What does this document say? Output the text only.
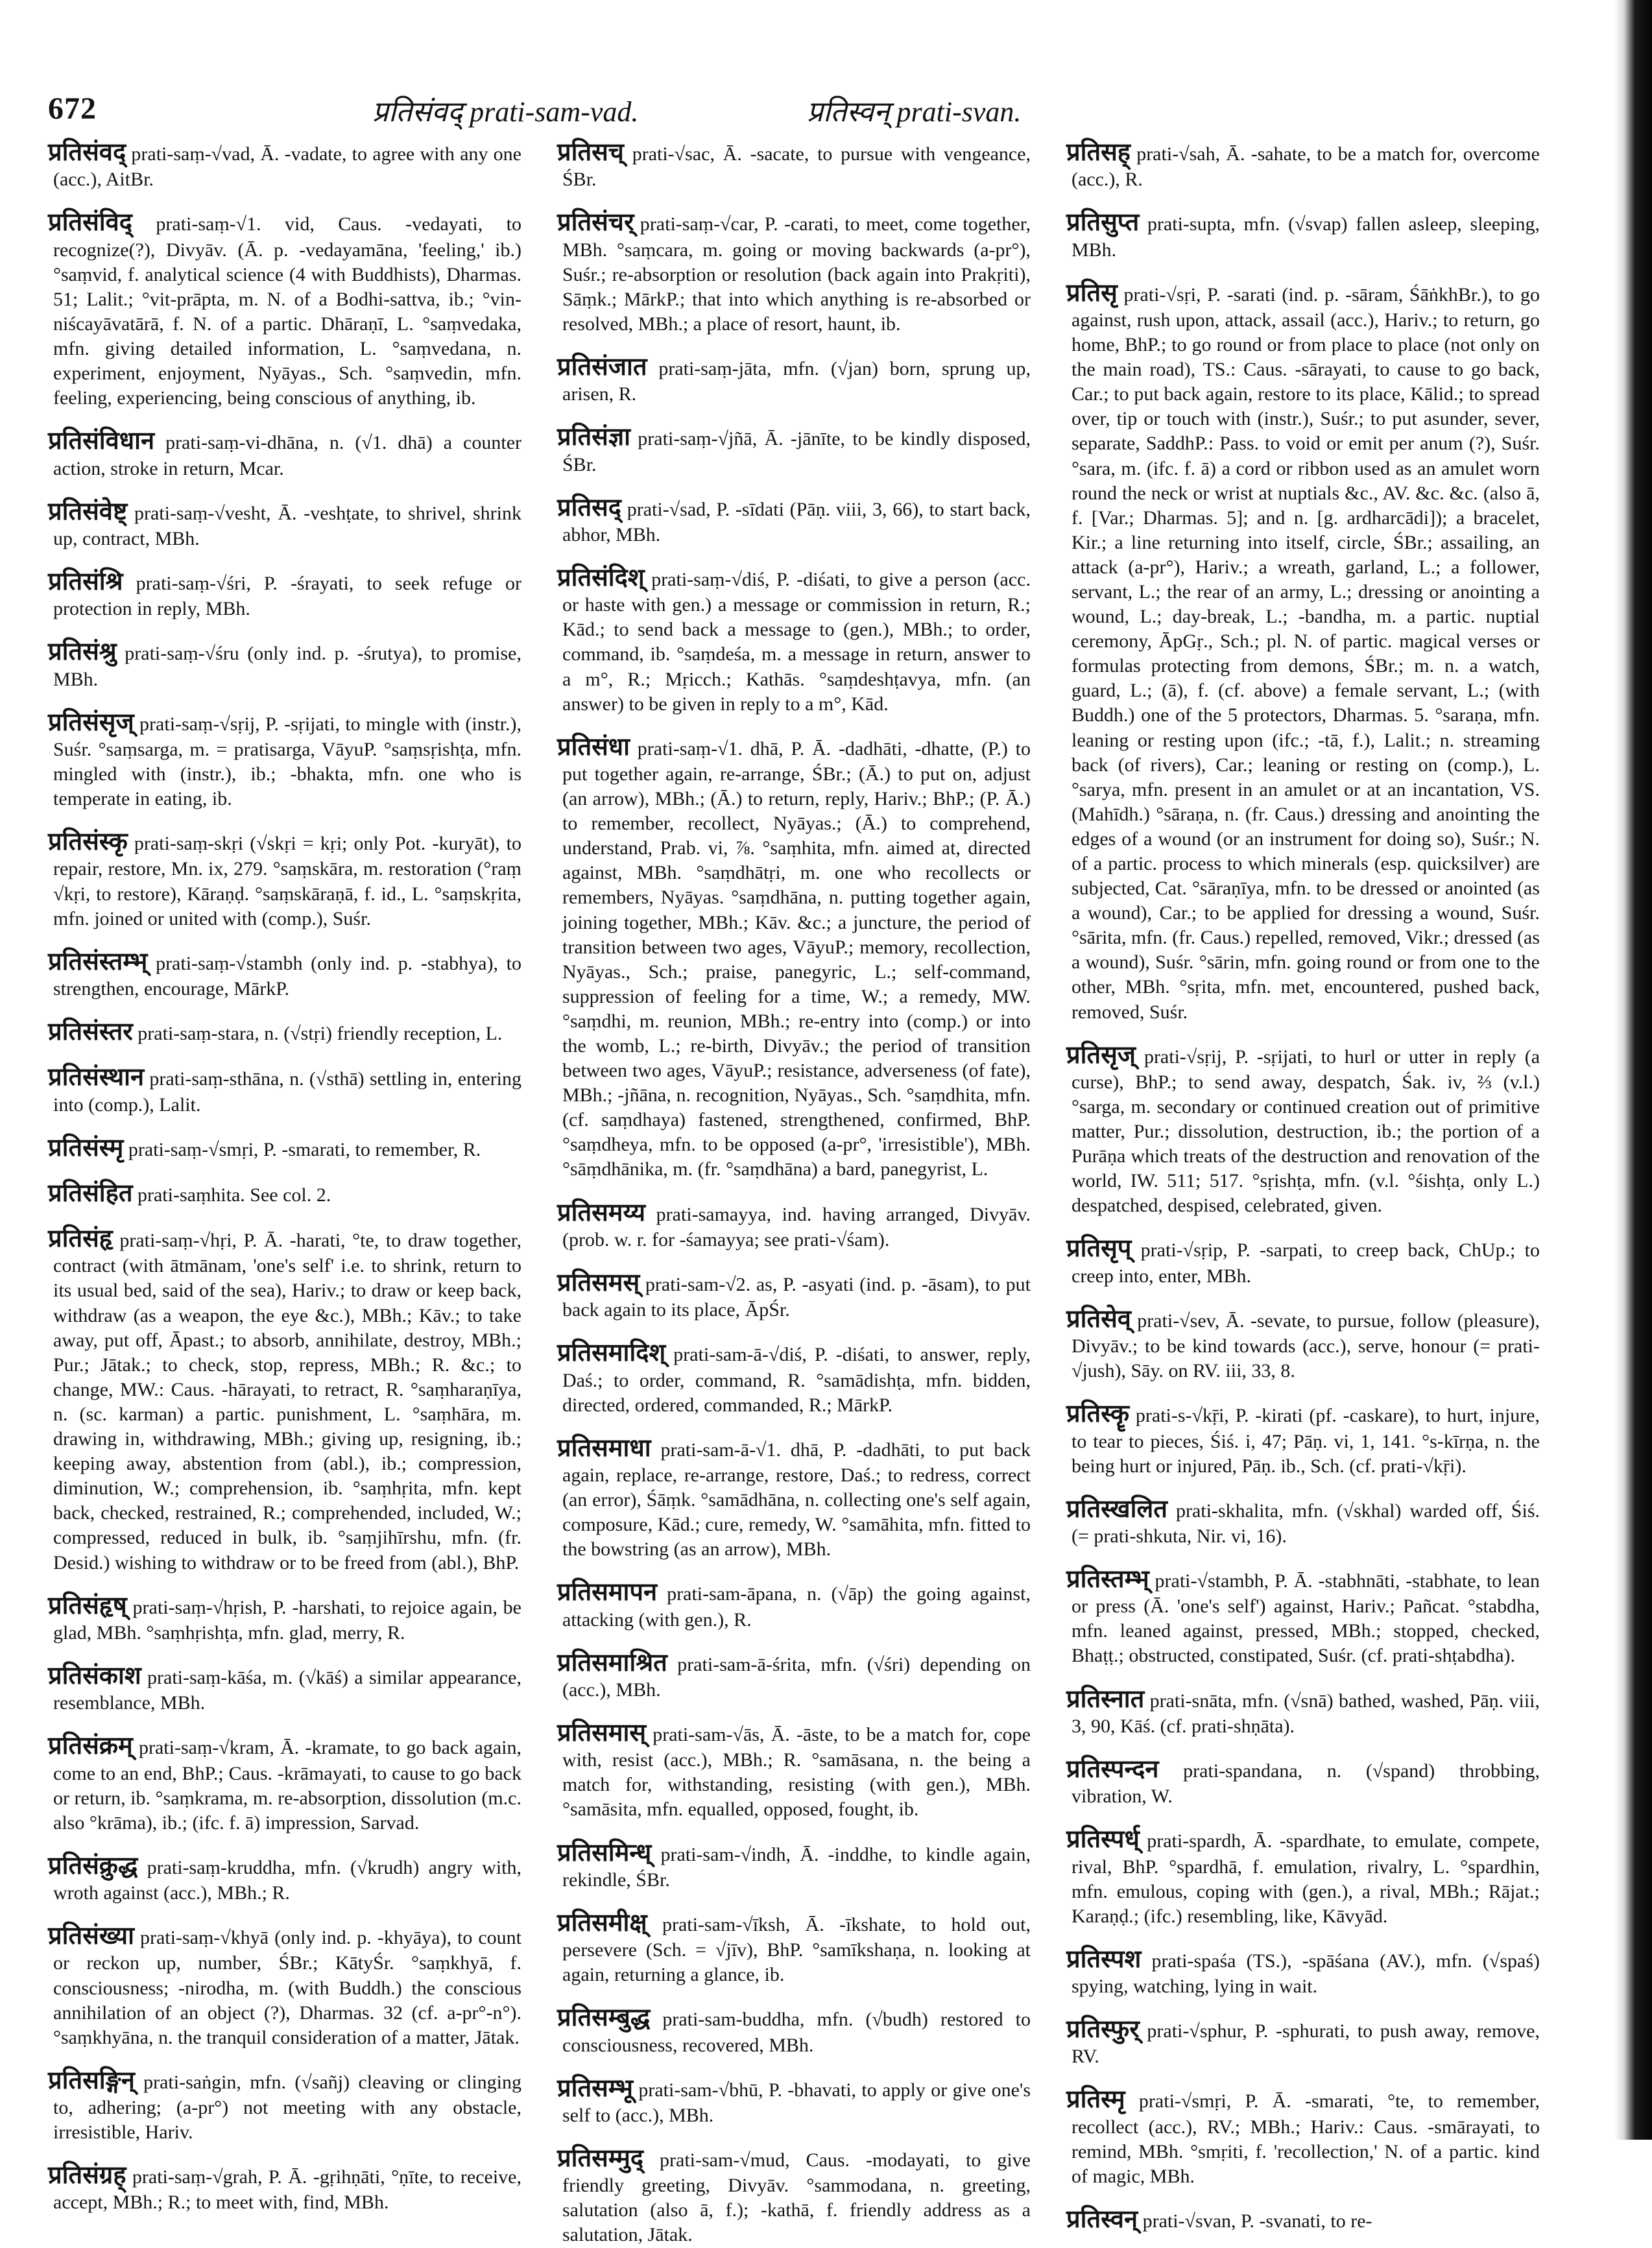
672	प्रतिसंवद् prati-sam-vad.	प्रतिस्वन् prati-svan.

प्रतिसंवद् prati-saṃ-√vad, Ā. -vadate, to agree with any one (acc.), AitBr.

प्रतिसंविद् prati-saṃ-√1. vid, Caus. -vedayati, to recognize(?), Divyāv. (Ā. p. -vedayamāna, 'feeling,' ib.) °saṃvid, f. analytical science (4 with Buddhists), Dharmas. 51; Lalit.; °vit-prāpta, m. N. of a Bodhi-sattva, ib.; °vin-niścayāvatārā, f. N. of a partic. Dhāraṇī, L. °saṃvedaka, mfn. giving detailed information, L. °saṃvedana, n. experiment, enjoyment, Nyāyas., Sch. °saṃvedin, mfn. feeling, experiencing, being conscious of anything, ib.

प्रतिसंविधान prati-saṃ-vi-dhāna, n. (√1. dhā) a counter action, stroke in return, Mcar.

प्रतिसंवेष्ट् prati-saṃ-√vesht, Ā. -veshṭate, to shrivel, shrink up, contract, MBh.

प्रतिसंश्रि prati-saṃ-√śri, P. -śrayati, to seek refuge or protection in reply, MBh.

प्रतिसंश्रु prati-saṃ-√śru (only ind. p. -śrutya), to promise, MBh.

प्रतिसंसृज् prati-saṃ-√sṛij, P. -sṛijati, to mingle with (instr.), Suśr. °saṃsarga, m. = pratisarga, VāyuP. °saṃsṛishṭa, mfn. mingled with (instr.), ib.; -bhakta, mfn. one who is temperate in eating, ib.

प्रतिसंस्कृ prati-saṃ-skṛi (√skṛi = kṛi; only Pot. -kuryāt), to repair, restore, Mn. ix, 279. °saṃskāra, m. restoration (°raṃ √kṛi, to restore), Kāraṇḍ. °saṃskāraṇā, f. id., L. °saṃskṛita, mfn. joined or united with (comp.), Suśr.

प्रतिसंस्तम्भ् prati-saṃ-√stambh (only ind. p. -stabhya), to strengthen, encourage, MārkP.

प्रतिसंस्तर prati-saṃ-stara, n. (√stṛi) friendly reception, L.

प्रतिसंस्थान prati-saṃ-sthāna, n. (√sthā) settling in, entering into (comp.), Lalit.

प्रतिसंस्मृ prati-saṃ-√smṛi, P. -smarati, to remember, R.

प्रतिसंहित prati-saṃhita. See col. 2.

प्रतिसंहृ prati-saṃ-√hṛi, P. Ā. -harati, °te, to draw together, contract (with ātmānam, 'one's self' i.e. to shrink, return to its usual bed, said of the sea), Hariv.; to draw or keep back, withdraw (as a weapon, the eye &c.), MBh.; Kāv.; to take away, put off, Āpast.; to absorb, annihilate, destroy, MBh.; Pur.; Jātak.; to check, stop, repress, MBh.; R. &c.; to change, MW.: Caus. -hārayati, to retract, R. °saṃharaṇīya, n. (sc. karman) a partic. punishment, L. °saṃhāra, m. drawing in, withdrawing, MBh.; giving up, resigning, ib.; keeping away, abstention from (abl.), ib.; compression, diminution, W.; comprehension, ib. °saṃhṛita, mfn. kept back, checked, restrained, R.; comprehended, included, W.; compressed, reduced in bulk, ib. °saṃjihīrshu, mfn. (fr. Desid.) wishing to withdraw or to be freed from (abl.), BhP.

प्रतिसंहृष् prati-saṃ-√hṛish, P. -harshati, to rejoice again, be glad, MBh. °saṃhṛishṭa, mfn. glad, merry, R.

प्रतिसंकाश prati-saṃ-kāśa, m. (√kāś) a similar appearance, resemblance, MBh.

प्रतिसंक्रम् prati-saṃ-√kram, Ā. -kramate, to go back again, come to an end, BhP.; Caus. -krāmayati, to cause to go back or return, ib. °saṃkrama, m. re-absorption, dissolution (m.c. also °krāma), ib.; (ifc. f. ā) impression, Sarvad.

प्रतिसंक्रुद्ध prati-saṃ-kruddha, mfn. (√krudh) angry with, wroth against (acc.), MBh.; R.

प्रतिसंख्या prati-saṃ-√khyā (only ind. p. -khyāya), to count or reckon up, number, ŚBr.; KātyŚr. °saṃkhyā, f. consciousness; -nirodha, m. (with Buddh.) the conscious annihilation of an object (?), Dharmas. 32 (cf. a-pr°-n°). °saṃkhyāna, n. the tranquil consideration of a matter, Jātak.

प्रतिसङ्गिन् prati-saṅgin, mfn. (√sañj) cleaving or clinging to, adhering; (a-pr°) not meeting with any obstacle, irresistible, Hariv.

प्रतिसंग्रह् prati-saṃ-√grah, P. Ā. -gṛihṇāti, °ṇīte, to receive, accept, MBh.; R.; to meet with, find, MBh.

प्रतिसच् prati-√sac, Ā. -sacate, to pursue with vengeance, ŚBr.

प्रतिसंचर् prati-saṃ-√car, P. -carati, to meet, come together, MBh. °saṃcara, m. going or moving backwards (a-pr°), Suśr.; re-absorption or resolution (back again into Prakṛiti), Sāṃk.; MārkP.; that into which anything is re-absorbed or resolved, MBh.; a place of resort, haunt, ib.

प्रतिसंजात prati-saṃ-jāta, mfn. (√jan) born, sprung up, arisen, R.

प्रतिसंज्ञा prati-saṃ-√jñā, Ā. -jānīte, to be kindly disposed, ŚBr.

प्रतिसद् prati-√sad, P. -sīdati (Pāṇ. viii, 3, 66), to start back, abhor, MBh.

प्रतिसंदिश् prati-saṃ-√diś, P. -diśati, to give a person (acc. or haste with gen.) a message or commission in return, R.; Kād.; to send back a message to (gen.), MBh.; to order, command, ib. °saṃdeśa, m. a message in return, answer to a m°, R.; Mṛicch.; Kathās. °saṃdeshṭavya, mfn. (an answer) to be given in reply to a m°, Kād.

प्रतिसंधा prati-saṃ-√1. dhā, P. Ā. -dadhāti, -dhatte, (P.) to put together again, re-arrange, ŚBr.; (Ā.) to put on, adjust (an arrow), MBh.; (Ā.) to return, reply, Hariv.; BhP.; (P. Ā.) to remember, recollect, Nyāyas.; (Ā.) to comprehend, understand, Prab. vi, ⅞. °saṃhita, mfn. aimed at, directed against, MBh. °saṃdhātṛi, m. one who recollects or remembers, Nyāyas. °saṃdhāna, n. putting together again, joining together, MBh.; Kāv. &c.; a juncture, the period of transition between two ages, VāyuP.; memory, recollection, Nyāyas., Sch.; praise, panegyric, L.; self-command, suppression of feeling for a time, W.; a remedy, MW. °saṃdhi, m. reunion, MBh.; re-entry into (comp.) or into the womb, L.; re-birth, Divyāv.; the period of transition between two ages, VāyuP.; resistance, adverseness (of fate), MBh.; -jñāna, n. recognition, Nyāyas., Sch. °saṃdhita, mfn. (cf. saṃdhaya) fastened, strengthened, confirmed, BhP. °saṃdheya, mfn. to be opposed (a-pr°, 'irresistible'), MBh. °sāṃdhānika, m. (fr. °saṃdhāna) a bard, panegyrist, L.

प्रतिसमय्य prati-samayya, ind. having arranged, Divyāv. (prob. w. r. for -śamayya; see prati-√śam).

प्रतिसमस् prati-sam-√2. as, P. -asyati (ind. p. -āsam), to put back again to its place, ĀpŚr.

प्रतिसमादिश् prati-sam-ā-√diś, P. -diśati, to answer, reply, Daś.; to order, command, R. °samādishṭa, mfn. bidden, directed, ordered, commanded, R.; MārkP.

प्रतिसमाधा prati-sam-ā-√1. dhā, P. -dadhāti, to put back again, replace, re-arrange, restore, Daś.; to redress, correct (an error), Śāṃk. °samādhāna, n. collecting one's self again, composure, Kād.; cure, remedy, W. °samāhita, mfn. fitted to the bowstring (as an arrow), MBh.

प्रतिसमापन prati-sam-āpana, n. (√āp) the going against, attacking (with gen.), R.

प्रतिसमाश्रित prati-sam-ā-śrita, mfn. (√śri) depending on (acc.), MBh.

प्रतिसमास् prati-sam-√ās, Ā. -āste, to be a match for, cope with, resist (acc.), MBh.; R. °samāsana, n. the being a match for, withstanding, resisting (with gen.), MBh. °samāsita, mfn. equalled, opposed, fought, ib.

प्रतिसमिन्ध् prati-sam-√indh, Ā. -inddhe, to kindle again, rekindle, ŚBr.

प्रतिसमीक्ष् prati-sam-√īksh, Ā. -īkshate, to hold out, persevere (Sch. = √jīv), BhP. °samīkshaṇa, n. looking at again, returning a glance, ib.

प्रतिसम्बुद्ध prati-sam-buddha, mfn. (√budh) restored to consciousness, recovered, MBh.

प्रतिसम्भू prati-sam-√bhū, P. -bhavati, to apply or give one's self to (acc.), MBh.

प्रतिसम्मुद् prati-sam-√mud, Caus. -modayati, to give friendly greeting, Divyāv. °sammodana, n. greeting, salutation (also ā, f.); -kathā, f. friendly address as a salutation, Jātak.

प्रतिसह् prati-√sah, Ā. -sahate, to be a match for, overcome (acc.), R.

प्रतिसुप्त prati-supta, mfn. (√svap) fallen asleep, sleeping, MBh.

प्रतिसृ prati-√sṛi, P. -sarati (ind. p. -sāram, ŚāṅkhBr.), to go against, rush upon, attack, assail (acc.), Hariv.; to return, go home, BhP.; to go round or from place to place (not only on the main road), TS.: Caus. -sārayati, to cause to go back, Car.; to put back again, restore to its place, Kālid.; to spread over, tip or touch with (instr.), Suśr.; to put asunder, sever, separate, SaddhP.: Pass. to void or emit per anum (?), Suśr. °sara, m. (ifc. f. ā) a cord or ribbon used as an amulet worn round the neck or wrist at nuptials &c., AV. &c. &c. (also ā, f. [Var.; Dharmas. 5]; and n. [g. ardharcādi]); a bracelet, Kir.; a line returning into itself, circle, ŚBr.; assailing, an attack (a-pr°), Hariv.; a wreath, garland, L.; a follower, servant, L.; the rear of an army, L.; dressing or anointing a wound, L.; day-break, L.; -bandha, m. a partic. nuptial ceremony, ĀpGṛ., Sch.; pl. N. of partic. magical verses or formulas protecting from demons, ŚBr.; m. n. a watch, guard, L.; (ā), f. (cf. above) a female servant, L.; (with Buddh.) one of the 5 protectors, Dharmas. 5. °saraṇa, mfn. leaning or resting upon (ifc.; -tā, f.), Lalit.; n. streaming back (of rivers), Car.; leaning or resting on (comp.), L. °sarya, mfn. present in an amulet or at an incantation, VS. (Mahīdh.) °sāraṇa, n. (fr. Caus.) dressing and anointing the edges of a wound (or an instrument for doing so), Suśr.; N. of a partic. process to which minerals (esp. quicksilver) are subjected, Cat. °sāraṇīya, mfn. to be dressed or anointed (as a wound), Car.; to be applied for dressing a wound, Suśr. °sārita, mfn. (fr. Caus.) repelled, removed, Vikr.; dressed (as a wound), Suśr. °sārin, mfn. going round or from one to the other, MBh. °sṛita, mfn. met, encountered, pushed back, removed, Suśr.

प्रतिसृज् prati-√sṛij, P. -sṛijati, to hurl or utter in reply (a curse), BhP.; to send away, despatch, Śak. iv, ⅔ (v.l.) °sarga, m. secondary or continued creation out of primitive matter, Pur.; dissolution, destruction, ib.; the portion of a Purāṇa which treats of the destruction and renovation of the world, IW. 511; 517. °sṛishṭa, mfn. (v.l. °śishṭa, only L.) despatched, despised, celebrated, given.

प्रतिसृप् prati-√sṛip, P. -sarpati, to creep back, ChUp.; to creep into, enter, MBh.

प्रतिसेव् prati-√sev, Ā. -sevate, to pursue, follow (pleasure), Divyāv.; to be kind towards (acc.), serve, honour (= prati-√jush), Sāy. on RV. iii, 33, 8.

प्रतिस्कॄ prati-s-√kṝi, P. -kirati (pf. -caskare), to hurt, injure, to tear to pieces, Śiś. i, 47; Pāṇ. vi, 1, 141. °s-kīrṇa, n. the being hurt or injured, Pāṇ. ib., Sch. (cf. prati-√kṝi).

प्रतिस्खलित prati-skhalita, mfn. (√skhal) warded off, Śiś. (= prati-shkuta, Nir. vi, 16).

प्रतिस्तम्भ् prati-√stambh, P. Ā. -stabhnāti, -stabhate, to lean or press (Ā. 'one's self') against, Hariv.; Pañcat. °stabdha, mfn. leaned against, pressed, MBh.; stopped, checked, Bhaṭṭ.; obstructed, constipated, Suśr. (cf. prati-shṭabdha).

प्रतिस्नात prati-snāta, mfn. (√snā) bathed, washed, Pāṇ. viii, 3, 90, Kāś. (cf. prati-shṇāta).

प्रतिस्पन्दन prati-spandana, n. (√spand) throbbing, vibration, W.

प्रतिस्पर्ध् prati-spardh, Ā. -spardhate, to emulate, compete, rival, BhP. °spardhā, f. emulation, rivalry, L. °spardhin, mfn. emulous, coping with (gen.), a rival, MBh.; Rājat.; Karaṇḍ.; (ifc.) resembling, like, Kāvyād.

प्रतिस्पश prati-spaśa (TS.), -spāśana (AV.), mfn. (√spaś) spying, watching, lying in wait.

प्रतिस्फुर् prati-√sphur, P. -sphurati, to push away, remove, RV.

प्रतिस्मृ prati-√smṛi, P. Ā. -smarati, °te, to remember, recollect (acc.), RV.; MBh.; Hariv.: Caus. -smārayati, to remind, MBh. °smṛiti, f. 'recollection,' N. of a partic. kind of magic, MBh.

प्रतिस्वन् prati-√svan, P. -svanati, to re-
